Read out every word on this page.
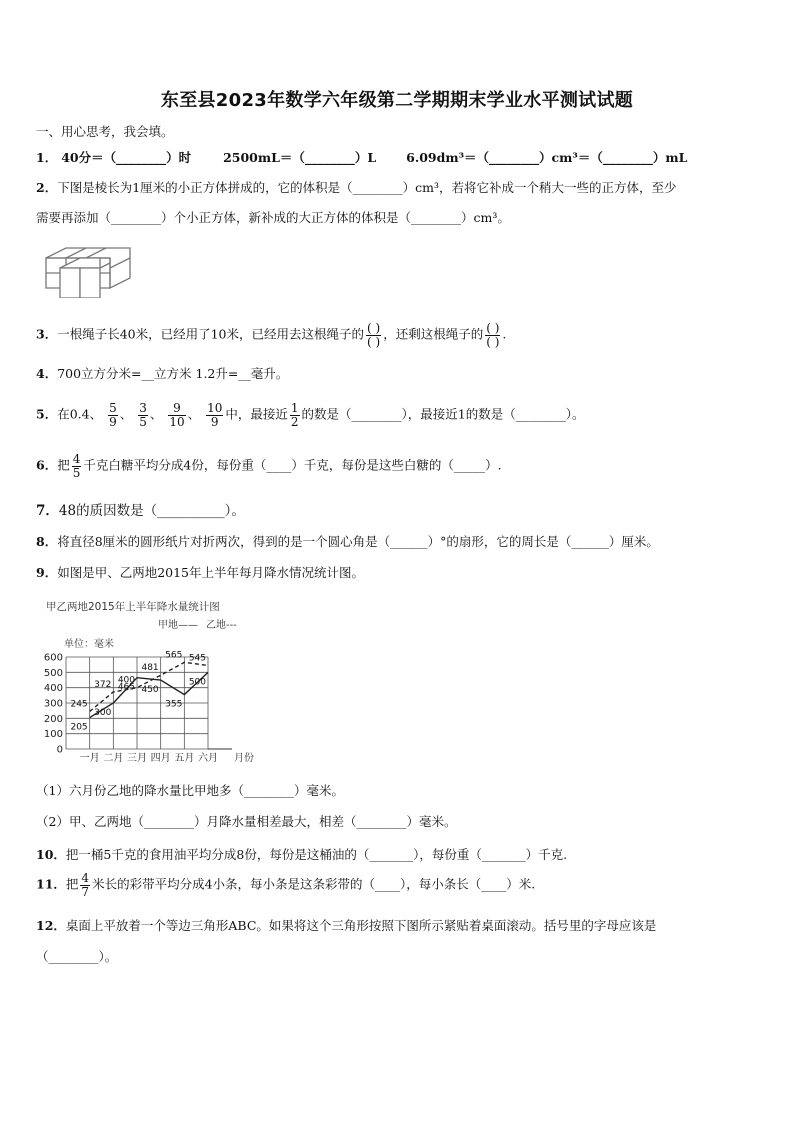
东至县2023年数学六年级第二学期期末学业水平测试试题
一、用心思考，我会填。
1． 40分＝（________）时	2500mL＝（________）L 6.09dm³＝（________）cm³＝（________）mL
2．下图是棱长为1厘米的小正方体拼成的，它的体积是（________）cm³，若将它补成一个稍大一些的正方体，至少
需要再添加（________）个小正方体，新补成的大正方体的体积是（________）cm³。
3．一根绳子长40米，已经用了10米，已经用去这根绳子的 $\frac{( )}{( )}$ ，还剩这根绳子的 $\frac{( )}{( )}$ .
4．700立方分米=__立方米 1.2升=__毫升。
5．在0.4、 $\frac{5}{9}$ 、 $\frac{3}{5}$ 、 $\frac{9}{10}$ 、 $\frac{10}{9}$ 中，最接近 $\frac{1}{2}$ 的数是（________），最接近1的数是（________）。
6．把 $\frac{4}{5}$ 千克白糖平均分成4份，每份重（____）千克，每份是这些白糖的（_____）.
7．48的质因数是（__________）。
8．将直径8厘米的圆形纸片对折两次，得到的是一个圆心角是（______）°的扇形，它的周长是（______）厘米。
9．如图是甲、乙两地2015年上半年每月降水情况统计图。
甲乙两地2015年上半年降水量统计图
甲地—— 乙地---
单位：毫米
0
100
200
300
400
500
600
一月 二月 三月 四月 五月 六月 月份
205
300
465 450
355
500
245
372 400
481
565 545
（1）六月份乙地的降水量比甲地多（________）毫米。
（2）甲、乙两地（________）月降水量相差最大，相差（________）毫米。
10．把一桶5千克的食用油平均分成8份，每份是这桶油的（_______），每份重（_______）千克.
11．把 $\frac{4}{7}$ 米长的彩带平均分成4小条，每小条是这条彩带的（____），每小条长（____）米.
12．桌面上平放着一个等边三角形ABC。如果将这个三角形按照下图所示紧贴着桌面滚动。括号里的字母应该是
（________）。
